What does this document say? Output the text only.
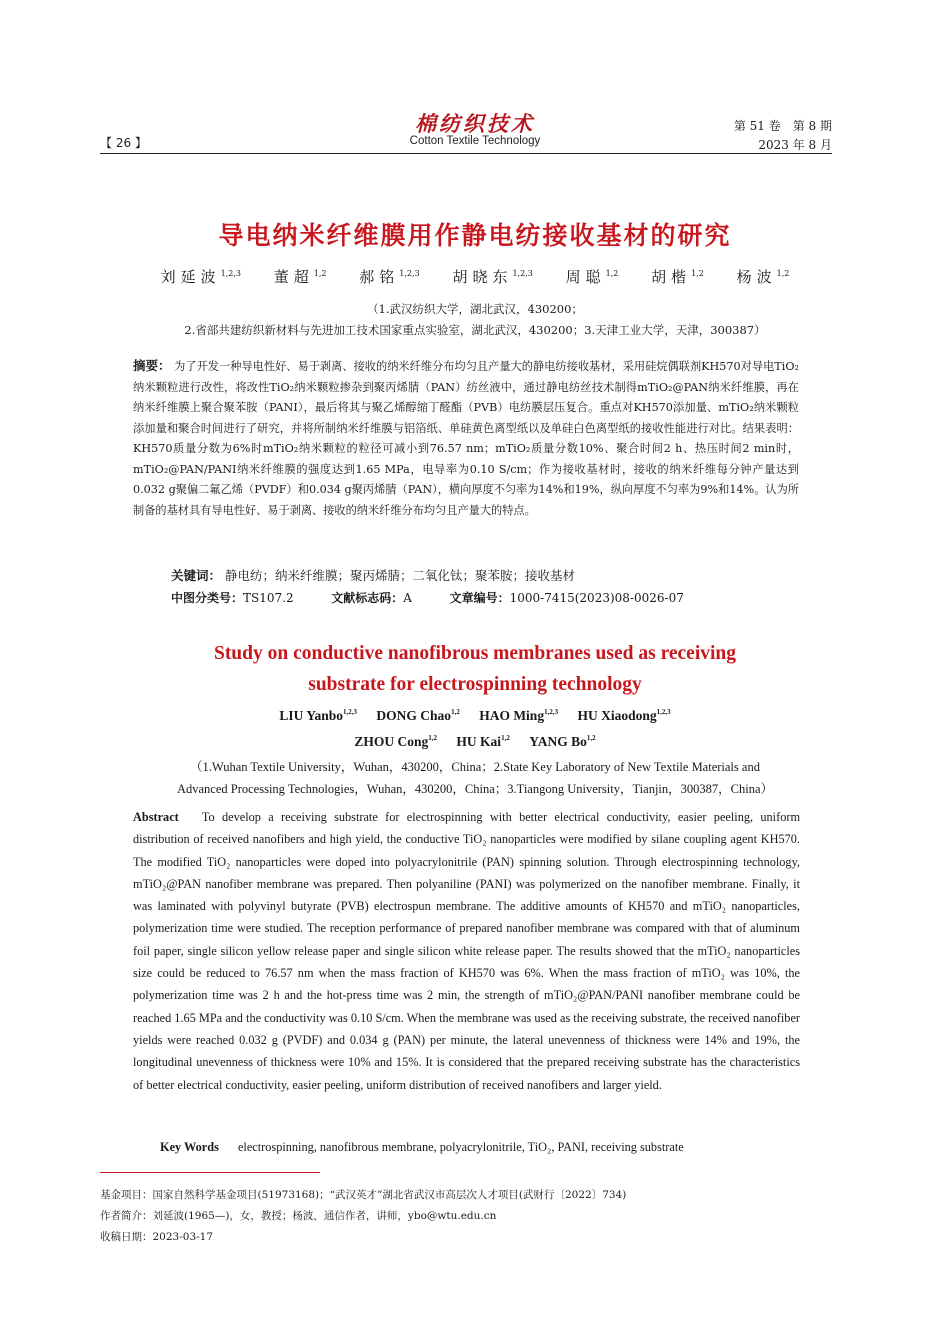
【 26 】
棉纺织技术
Cotton Textile Technology
第 51 卷　第 8 期
2023 年 8 月
导电纳米纤维膜用作静电纺接收基材的研究
刘延波$^{1,2,3}$ 董超$^{1,2}$ 郝铭$^{1,2,3}$ 胡晓东$^{1,2,3}$ 周聪$^{1,2}$ 胡楷$^{1,2}$ 杨波$^{1,2}$
（1.武汉纺织大学，湖北武汉，430200；
2.省部共建纺织新材料与先进加工技术国家重点实验室，湖北武汉，430200；3.天津工业大学，天津，300387）
摘要： 为了开发一种导电性好、易于剥离、接收的纳米纤维分布均匀且产量大的静电纺接收基材，采用硅烷偶联剂KH570对导电TiO₂纳米颗粒进行改性，将改性TiO₂纳米颗粒掺杂到聚丙烯腈（PAN）纺丝液中，通过静电纺丝技术制得mTiO₂@PAN纳米纤维膜，再在纳米纤维膜上聚合聚苯胺（PANI），最后将其与聚乙烯醇缩丁醛酯（PVB）电纺膜层压复合。重点对KH570添加量、mTiO₂纳米颗粒添加量和聚合时间进行了研究，并将所制纳米纤维膜与铝箔纸、单硅黄色离型纸以及单硅白色离型纸的接收性能进行对比。结果表明：KH570质量分数为6%时mTiO₂纳米颗粒的粒径可减小到76.57 nm；mTiO₂质量分数10%、聚合时间2 h、热压时间2 min时，mTiO₂@PAN/PANI纳米纤维膜的强度达到1.65 MPa，电导率为0.10 S/cm；作为接收基材时，接收的纳米纤维每分钟产量达到0.032 g聚偏二氟乙烯（PVDF）和0.034 g聚丙烯腈（PAN），横向厚度不匀率为14%和19%，纵向厚度不匀率为9%和14%。认为所制备的基材具有导电性好、易于剥离、接收的纳米纤维分布均匀且产量大的特点。
关键词： 静电纺；纳米纤维膜；聚丙烯腈；二氧化钛；聚苯胺；接收基材
中图分类号：TS107.2	文献标志码：A	文章编号：1000-7415(2023)08-0026-07
Study on conductive nanofibrous membranes used as receiving
substrate for electrospinning technology
LIU Yanbo$^{1,2,3}$ DONG Chao$^{1,2}$ HAO Ming$^{1,2,3}$ HU Xiaodong$^{1,2,3}$
ZHOU Cong$^{1,2}$ HU Kai$^{1,2}$ YANG Bo$^{1,2}$
（1.Wuhan Textile University，Wuhan，430200，China；2.State Key Laboratory of New Textile Materials and
Advanced Processing Technologies，Wuhan，430200，China；3.Tiangong University，Tianjin，300387，China）
Abstract To develop a receiving substrate for electrospinning with better electrical conductivity, easier peeling, uniform distribution of received nanofibers and high yield, the conductive TiO₂ nanoparticles were modified by silane coupling agent KH570. The modified TiO₂ nanoparticles were doped into polyacrylonitrile (PAN) spinning solution. Through electrospinning technology, mTiO₂@PAN nanofiber membrane was prepared. Then polyaniline (PANI) was polymerized on the nanofiber membrane. Finally, it was laminated with polyvinyl butyrate (PVB) electrospun membrane. The additive amounts of KH570 and mTiO₂ nanoparticles, polymerization time were studied. The reception performance of prepared nanofiber membrane was compared with that of aluminum foil paper, single silicon yellow release paper and single silicon white release paper. The results showed that the mTiO₂ nanoparticles size could be reduced to 76.57 nm when the mass fraction of KH570 was 6%. When the mass fraction of mTiO₂ was 10%, the polymerization time was 2 h and the hot-press time was 2 min, the strength of mTiO₂@PAN/PANI nanofiber membrane could be reached 1.65 MPa and the conductivity was 0.10 S/cm. When the membrane was used as the receiving substrate, the received nanofiber yields were reached 0.032 g (PVDF) and 0.034 g (PAN) per minute, the lateral unevenness of thickness were 14% and 19%, the longitudinal unevenness of thickness were 10% and 15%. It is considered that the prepared receiving substrate has the characteristics of better electrical conductivity, easier peeling, uniform distribution of received nanofibers and larger yield.
Key Words electrospinning, nanofibrous membrane, polyacrylonitrile, TiO₂, PANI, receiving substrate
基金项目：国家自然科学基金项目(51973168)；“武汉英才”湖北省武汉市高层次人才项目(武财行〔2022〕734)
作者简介：刘延波(1965—)，女，教授；杨波，通信作者，讲师，ybo@wtu.edu.cn
收稿日期：2023-03-17
